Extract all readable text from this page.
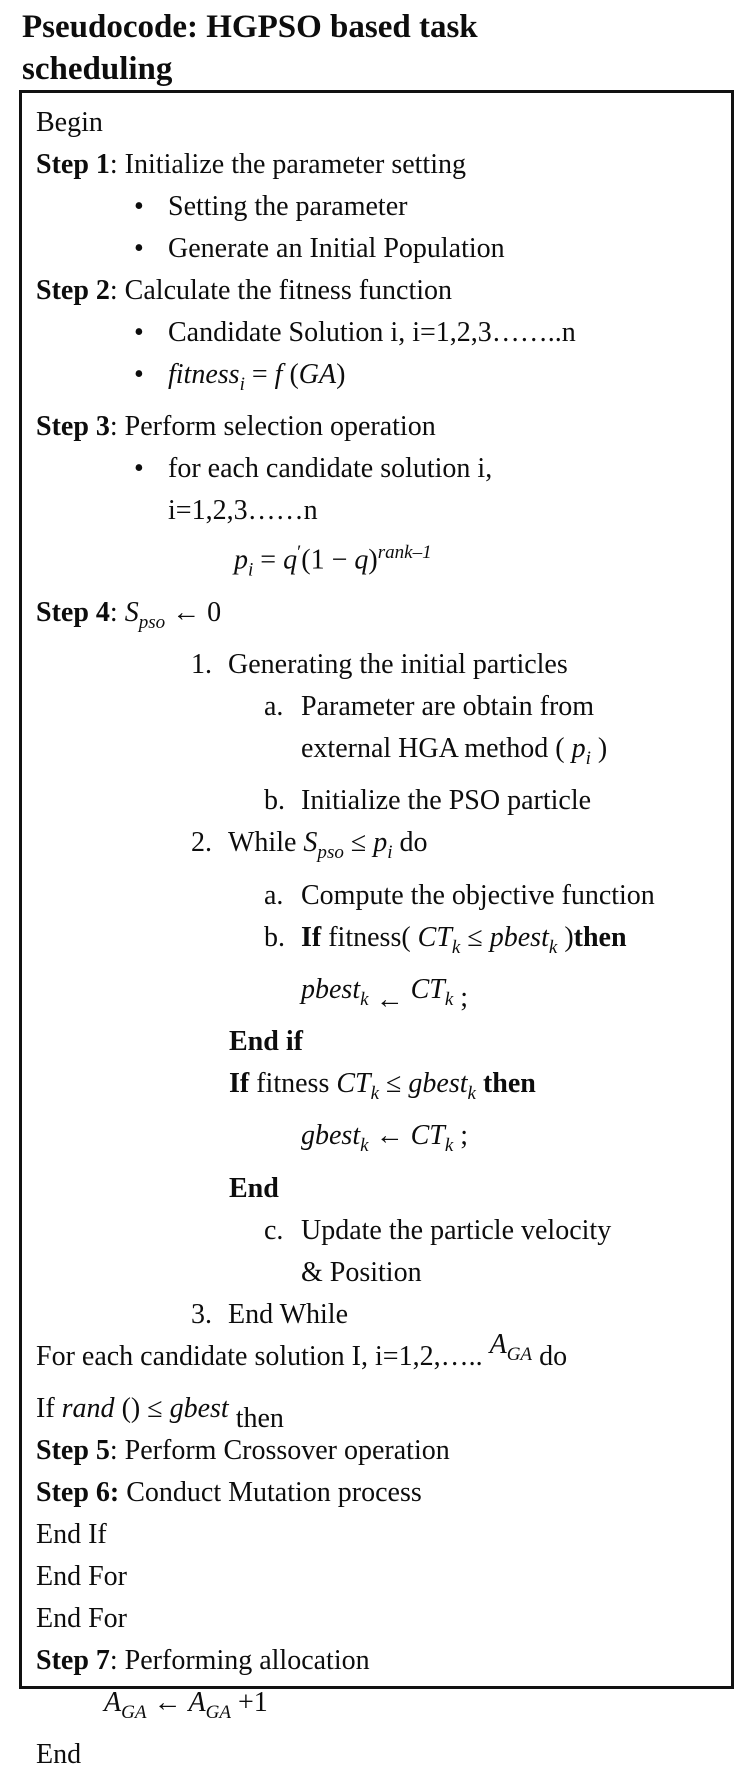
Pseudocode: HGPSO based task
scheduling
Begin
Step 1: Initialize the parameter setting
• Setting the parameter
• Generate an Initial Population
Step 2: Calculate the fitness function
• Candidate Solution i, i=1,2,3……..n
• fitness$_i$ = f (GA)
Step 3: Perform selection operation
• for each candidate solution i,
i=1,2,3……n
$p_i = q'(1 - q)^{rank-1}$
Step 4: $S_{pso}$ ← 0
1. Generating the initial particles
a. Parameter are obtain from
external HGA method ( $p_i$ )
b. Initialize the PSO particle
2. While $S_{pso} \le p_i$ do
a. Compute the objective function
b. If fitness( $CT_k$ ≤ pbest$_k$ )then
pbest$_k$ ← $CT_k$ ;
End if
If fitness $CT_k$ ≤ gbest$_k$ then
gbest$_k$ ← $CT_k$ ;
End
c. Update the particle velocity
& Position
3. End While
For each candidate solution I, i=1,2,….. $A_{GA}$ do
If rand () ≤ gbest then
Step 5: Perform Crossover operation
Step 6: Conduct Mutation process
End If
End For
End For
Step 7: Performing allocation
$A_{GA}$ ← $A_{GA} +1$
End
